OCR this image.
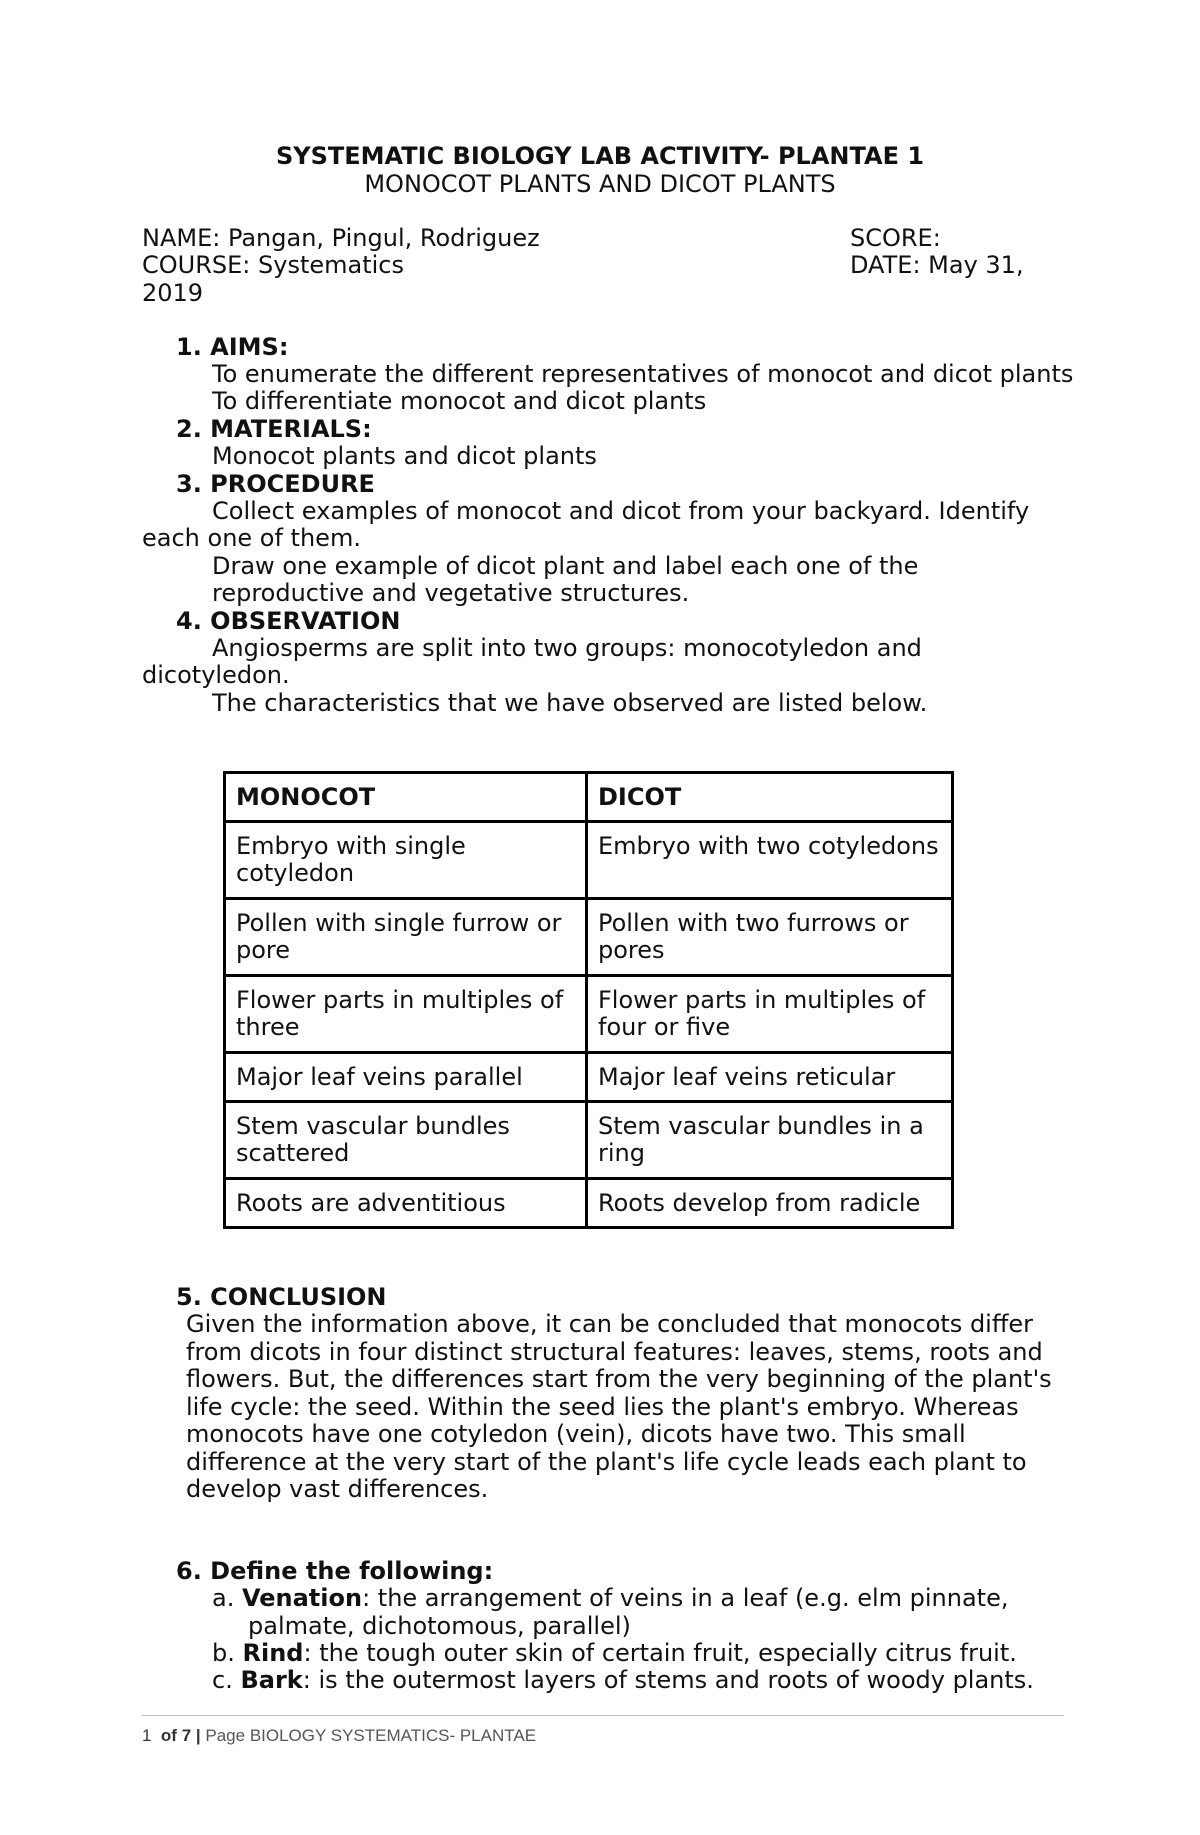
SYSTEMATIC BIOLOGY LAB ACTIVITY- PLANTAE 1
MONOCOT PLANTS AND DICOT PLANTS
NAME: Pangan, Pingul, Rodriguez	SCORE:
COURSE: Systematics	DATE: May 31,
2019
1. AIMS:
To enumerate the different representatives of monocot and dicot plants
To differentiate monocot and dicot plants
2. MATERIALS:
Monocot plants and dicot plants
3. PROCEDURE
Collect examples of monocot and dicot from your backyard. Identify
each one of them.
Draw one example of dicot plant and label each one of the
reproductive and vegetative structures.
4. OBSERVATION
Angiosperms are split into two groups: monocotyledon and
dicotyledon.
The characteristics that we have observed are listed below.
MONOCOT	DICOT
Embryo with single cotyledon	Embryo with two cotyledons
Pollen with single furrow or pore	Pollen with two furrows or pores
Flower parts in multiples of three	Flower parts in multiples of four or five
Major leaf veins parallel	Major leaf veins reticular
Stem vascular bundles scattered	Stem vascular bundles in a ring
Roots are adventitious	Roots develop from radicle
5. CONCLUSION
Given the information above, it can be concluded that monocots differ
from dicots in four distinct structural features: leaves, stems, roots and
flowers. But, the differences start from the very beginning of the plant's
life cycle: the seed. Within the seed lies the plant's embryo. Whereas
monocots have one cotyledon (vein), dicots have two. This small
difference at the very start of the plant's life cycle leads each plant to
develop vast differences.
6. Define the following:
a. Venation: the arrangement of veins in a leaf (e.g. elm pinnate,
palmate, dichotomous, parallel)
b. Rind: the tough outer skin of certain fruit, especially citrus fruit.
c. Bark: is the outermost layers of stems and roots of woody plants.
1 of 7 | Page BIOLOGY SYSTEMATICS- PLANTAE
